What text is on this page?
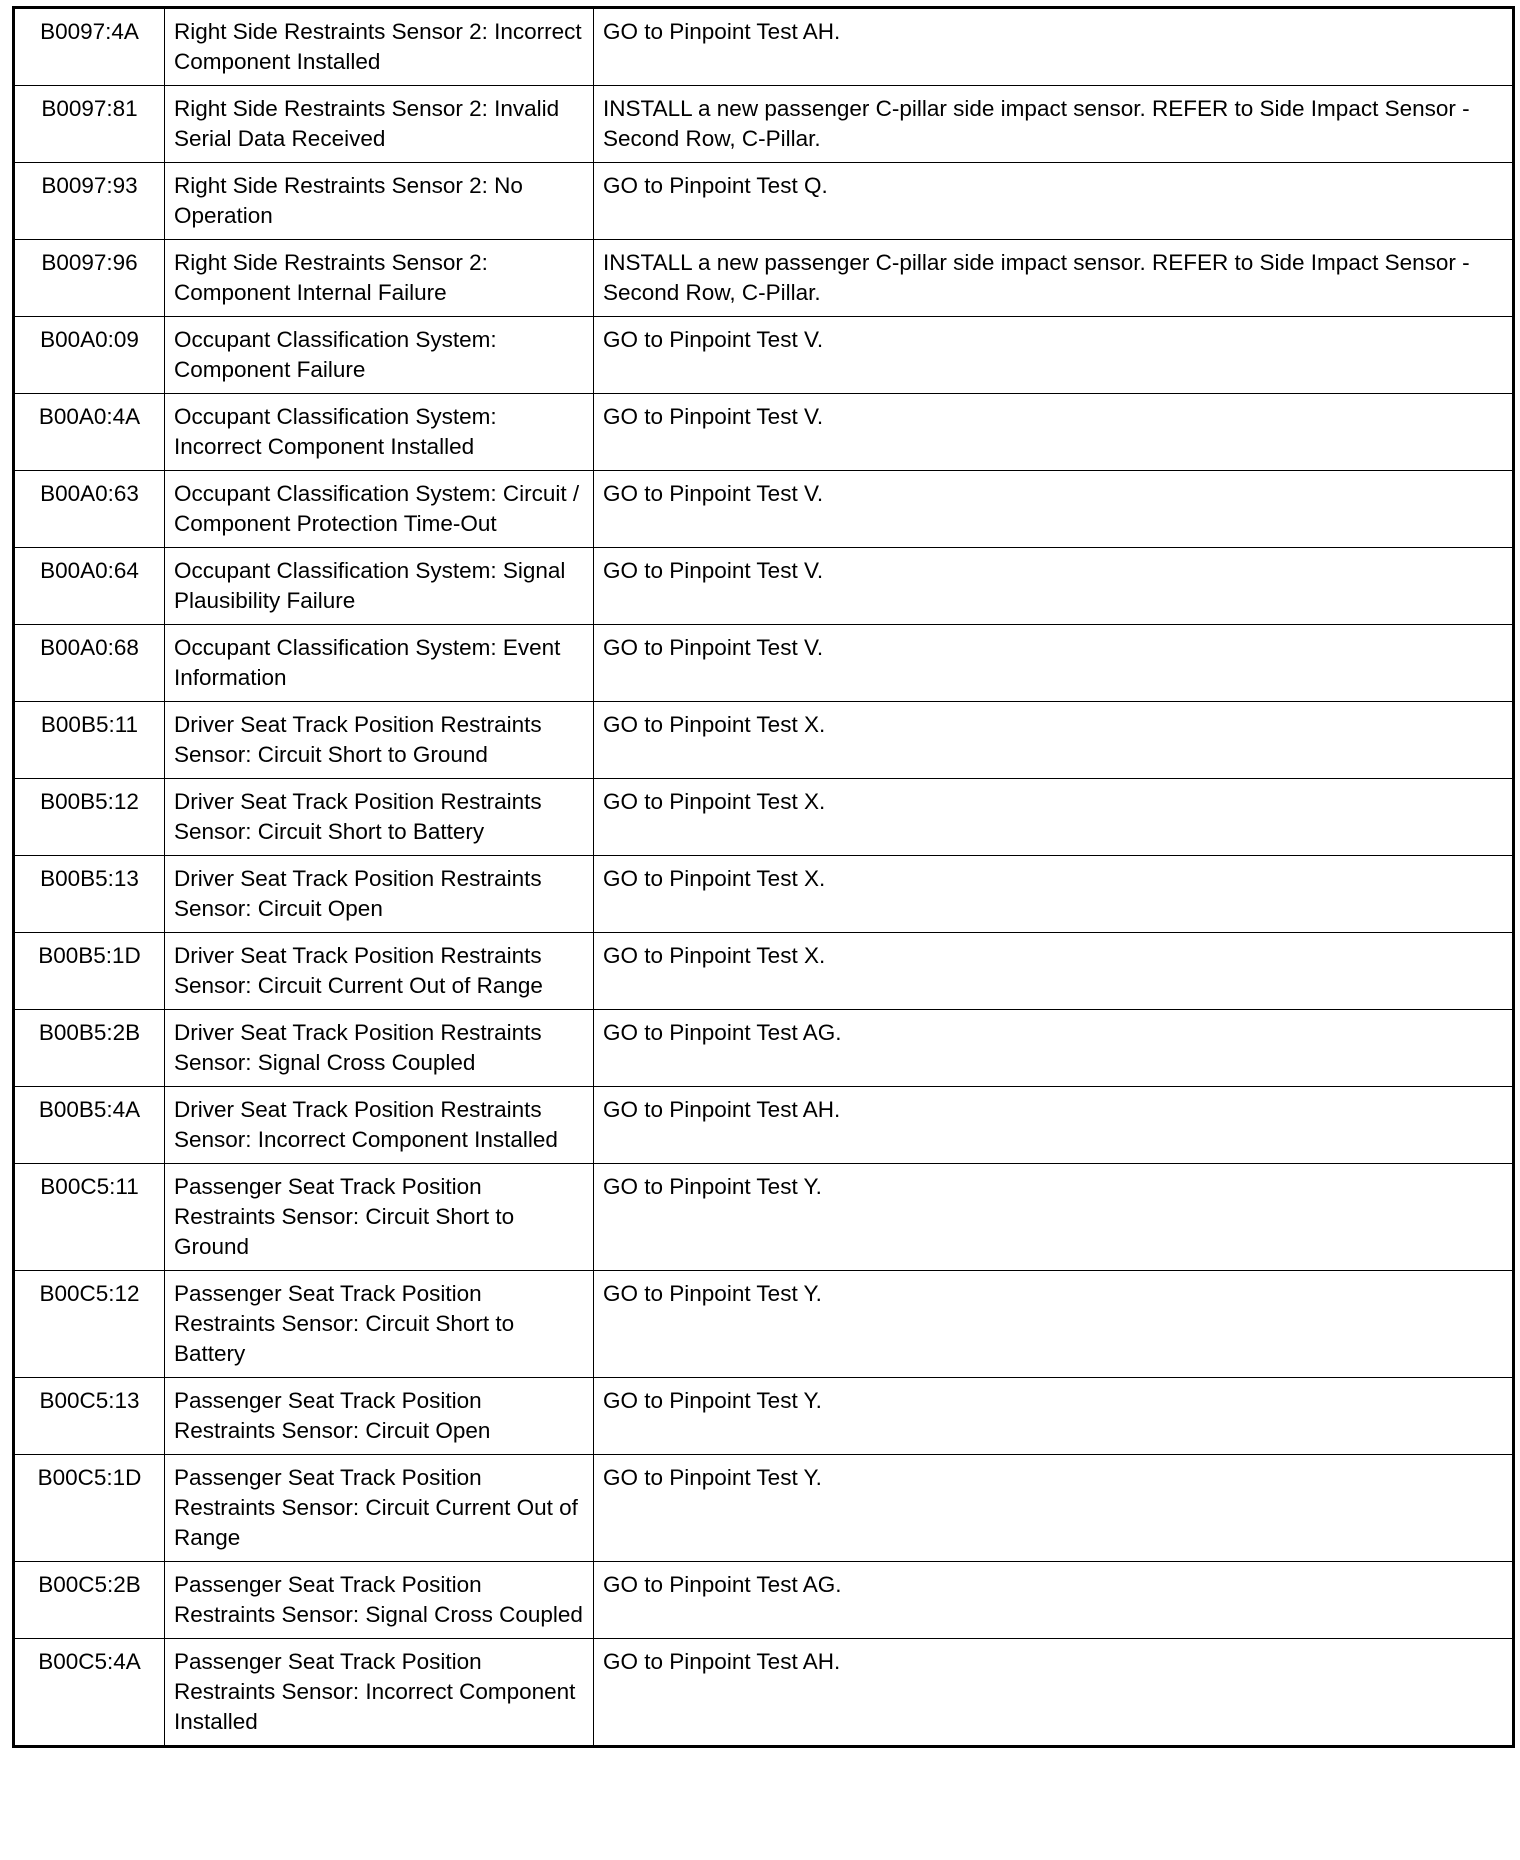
B0097:4A	Right Side Restraints Sensor 2: Incorrect Component Installed	GO to Pinpoint Test AH.
B0097:81	Right Side Restraints Sensor 2: Invalid Serial Data Received	INSTALL a new passenger C-pillar side impact sensor. REFER to Side Impact Sensor - Second Row, C-Pillar.
B0097:93	Right Side Restraints Sensor 2: No Operation	GO to Pinpoint Test Q.
B0097:96	Right Side Restraints Sensor 2: Component Internal Failure	INSTALL a new passenger C-pillar side impact sensor. REFER to Side Impact Sensor - Second Row, C-Pillar.
B00A0:09	Occupant Classification System: Component Failure	GO to Pinpoint Test V.
B00A0:4A	Occupant Classification System: Incorrect Component Installed	GO to Pinpoint Test V.
B00A0:63	Occupant Classification System: Circuit / Component Protection Time-Out	GO to Pinpoint Test V.
B00A0:64	Occupant Classification System: Signal Plausibility Failure	GO to Pinpoint Test V.
B00A0:68	Occupant Classification System: Event Information	GO to Pinpoint Test V.
B00B5:11	Driver Seat Track Position Restraints Sensor: Circuit Short to Ground	GO to Pinpoint Test X.
B00B5:12	Driver Seat Track Position Restraints Sensor: Circuit Short to Battery	GO to Pinpoint Test X.
B00B5:13	Driver Seat Track Position Restraints Sensor: Circuit Open	GO to Pinpoint Test X.
B00B5:1D	Driver Seat Track Position Restraints Sensor: Circuit Current Out of Range	GO to Pinpoint Test X.
B00B5:2B	Driver Seat Track Position Restraints Sensor: Signal Cross Coupled	GO to Pinpoint Test AG.
B00B5:4A	Driver Seat Track Position Restraints Sensor: Incorrect Component Installed	GO to Pinpoint Test AH.
B00C5:11	Passenger Seat Track Position Restraints Sensor: Circuit Short to Ground	GO to Pinpoint Test Y.
B00C5:12	Passenger Seat Track Position Restraints Sensor: Circuit Short to Battery	GO to Pinpoint Test Y.
B00C5:13	Passenger Seat Track Position Restraints Sensor: Circuit Open	GO to Pinpoint Test Y.
B00C5:1D	Passenger Seat Track Position Restraints Sensor: Circuit Current Out of Range	GO to Pinpoint Test Y.
B00C5:2B	Passenger Seat Track Position Restraints Sensor: Signal Cross Coupled	GO to Pinpoint Test AG.
B00C5:4A	Passenger Seat Track Position Restraints Sensor: Incorrect Component Installed	GO to Pinpoint Test AH.
